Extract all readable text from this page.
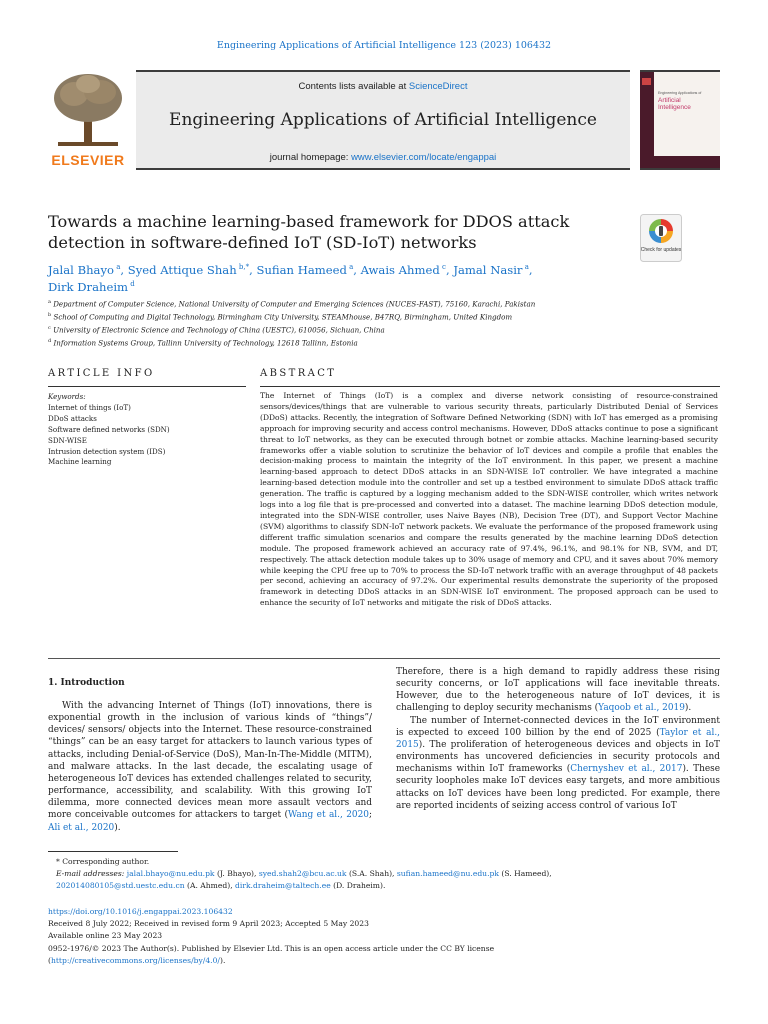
Engineering Applications of Artificial Intelligence 123 (2023) 106432
ELSEVIER
Contents lists available at ScienceDirect
Engineering Applications of Artificial Intelligence
journal homepage: www.elsevier.com/locate/engappai
Engineering Applications of
Artificial
Intelligence
Towards a machine learning-based framework for DDOS attack detection in software-defined IoT (SD-IoT) networks	Check for updates
Jalal Bhayo $^a$, Syed Attique Shah $^{b,*}$, Sufian Hameed $^a$, Awais Ahmed $^c$, Jamal Nasir $^a$,
Dirk Draheim $^d$
$^a$ Department of Computer Science, National University of Computer and Emerging Sciences (NUCES-FAST), 75160, Karachi, Pakistan
$^b$ School of Computing and Digital Technology, Birmingham City University, STEAMhouse, B47RQ, Birmingham, United Kingdom
$^c$ University of Electronic Science and Technology of China (UESTC), 610056, Sichuan, China
$^d$ Information Systems Group, Tallinn University of Technology, 12618 Tallinn, Estonia
ARTICLE INFO
Keywords:
Internet of things (IoT)
DDoS attacks
Software defined networks (SDN)
SDN-WISE
Intrusion detection system (IDS)
Machine learning
ABSTRACT

The Internet of Things (IoT) is a complex and diverse network consisting of resource-constrained sensors/devices/things that are vulnerable to various security threats, particularly Distributed Denial of Services (DDoS) attacks. Recently, the integration of Software Defined Networking (SDN) with IoT has emerged as a promising approach for improving security and access control mechanisms. However, DDoS attacks continue to pose a significant threat to IoT networks, as they can be executed through botnet or zombie attacks. Machine learning-based security frameworks offer a viable solution to scrutinize the behavior of IoT devices and compile a profile that enables the decision-making process to maintain the integrity of the IoT environment. In this paper, we present a machine learning-based approach to detect DDoS attacks in an SDN-WISE IoT controller. We have integrated a machine learning-based detection module into the controller and set up a testbed environment to simulate DDoS attack traffic generation. The traffic is captured by a logging mechanism added to the SDN-WISE controller, which writes network logs into a log file that is pre-processed and converted into a dataset. The machine learning DDoS detection module, integrated into the SDN-WISE controller, uses Naive Bayes (NB), Decision Tree (DT), and Support Vector Machine (SVM) algorithms to classify SDN-IoT network packets. We evaluate the performance of the proposed framework using different traffic simulation scenarios and compare the results generated by the machine learning DDoS detection module. The proposed framework achieved an accuracy rate of 97.4%, 96.1%, and 98.1% for NB, SVM, and DT, respectively. The attack detection module takes up to 30% usage of memory and CPU, and it saves about 70% memory while keeping the CPU free up to 70% to process the SD-IoT network traffic with an average throughput of 48 packets per second, achieving an accuracy of 97.2%. Our experimental results demonstrate the superiority of the proposed framework in detecting DDoS attacks in an SDN-WISE IoT environment. The proposed approach can be used to enhance the security of IoT networks and mitigate the risk of DDoS attacks.

1. Introduction

With the advancing Internet of Things (IoT) innovations, there is exponential growth in the inclusion of various kinds of “things”/ devices/ sensors/ objects into the Internet. These resource-constrained “things” can be an easy target for attackers to launch various types of attacks, including Denial-of-Service (DoS), Man-In-The-Middle (MITM), and malware attacks. In the last decade, the escalating usage of heterogeneous IoT devices has extended challenges related to security, performance, accessibility, and scalability. With this growing IoT dilemma, more connected devices mean more assault vectors and more conceivable outcomes for attackers to target (Wang et al., 2020; Ali et al., 2020).

Therefore, there is a high demand to rapidly address these rising security concerns, or IoT applications will face inevitable threats. However, due to the heterogeneous nature of IoT devices, it is challenging to deploy security mechanisms (Yaqoob et al., 2019).

The number of Internet-connected devices in the IoT environment is expected to exceed 100 billion by the end of 2025 (Taylor et al., 2015). The proliferation of heterogeneous devices and objects in IoT environments has uncovered deficiencies in security protocols and mechanisms within IoT frameworks (Chernyshev et al., 2017). These security loopholes make IoT devices easy targets, and more ambitious attacks on IoT devices have been long predicted. For example, there are reported incidents of seizing access control of various IoT

* Corresponding author.
E-mail addresses: jalal.bhayo@nu.edu.pk (J. Bhayo), syed.shah2@bcu.ac.uk (S.A. Shah), sufian.hameed@nu.edu.pk (S. Hameed),
202014080105@std.uestc.edu.cn (A. Ahmed), dirk.draheim@taltech.ee (D. Draheim).
https://doi.org/10.1016/j.engappai.2023.106432
Received 8 July 2022; Received in revised form 9 April 2023; Accepted 5 May 2023
Available online 23 May 2023
0952-1976/© 2023 The Author(s). Published by Elsevier Ltd. This is an open access article under the CC BY license
(http://creativecommons.org/licenses/by/4.0/).
